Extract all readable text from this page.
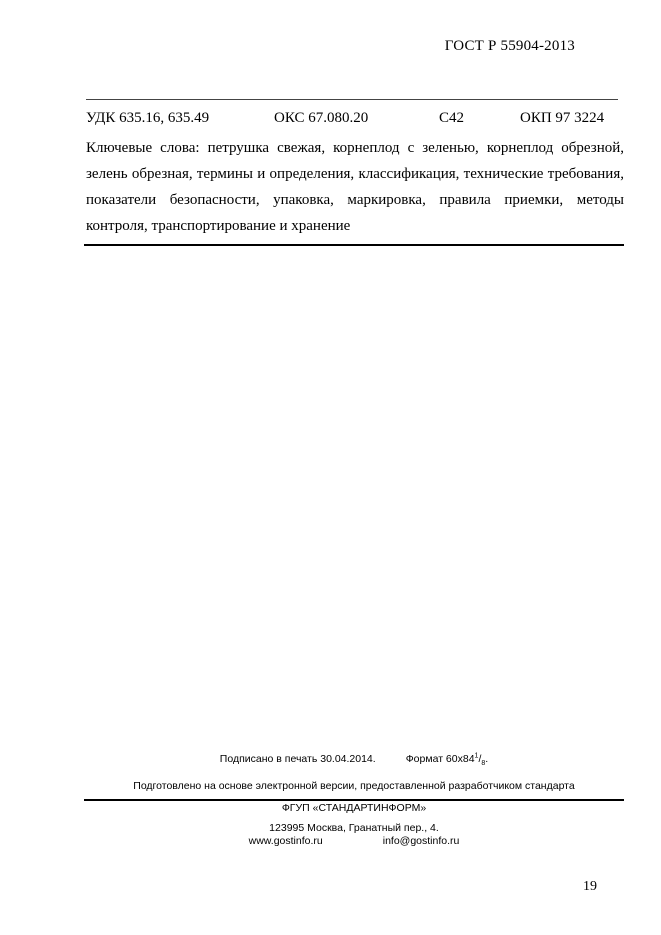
ГОСТ Р 55904-2013
УДК 635.16, 635.49	ОКС 67.080.20	С42	ОКП 97 3224
Ключевые слова: петрушка свежая, корнеплод с зеленью, корнеплод обрезной, зелень обрезная, термины и определения, классификация, технические требования, показатели безопасности, упаковка, маркировка, правила приемки, методы контроля, транспортирование и хранение
Подписано в печать 30.04.2014.	Формат $60х84^1/_8$.
Подготовлено на основе электронной версии, предоставленной разработчиком стандарта
ФГУП «СТАНДАРТИНФОРМ»
123995 Москва, Гранатный пер., 4.
www.gostinfo.ru	info@gostinfo.ru
19
